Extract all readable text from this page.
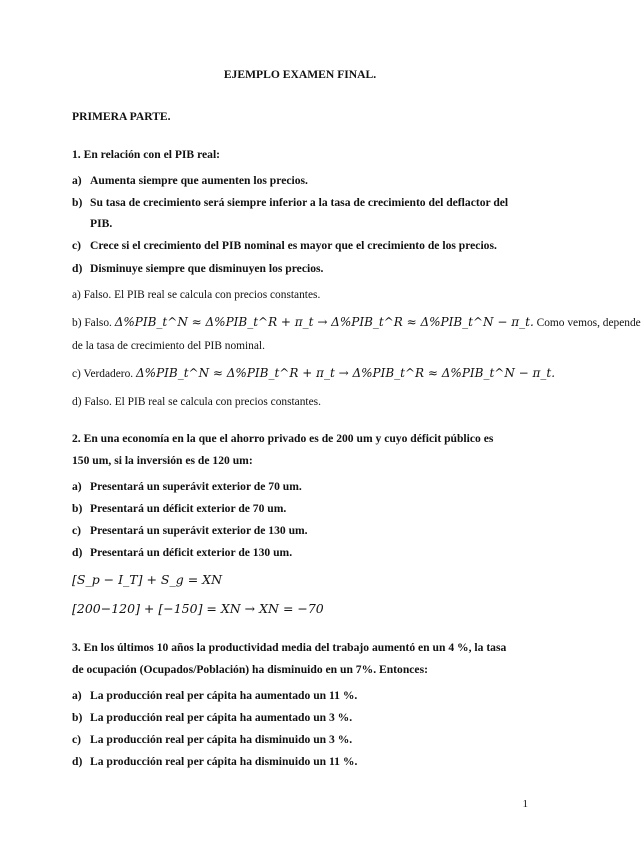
EJEMPLO EXAMEN FINAL.
PRIMERA PARTE.
1. En relación con el PIB real:
a) Aumenta siempre que aumenten los precios.
b) Su tasa de crecimiento será siempre inferior a la tasa de crecimiento del deflactor del
PIB.
c) Crece si el crecimiento del PIB nominal es mayor que el crecimiento de los precios.
d) Disminuye siempre que disminuyen los precios.
a) Falso. El PIB real se calcula con precios constantes.
b) Falso. Δ%PIB_t^N ≈ Δ%PIB_t^R + π_t → Δ%PIB_t^R ≈ Δ%PIB_t^N − π_t. Como vemos, depende
de la tasa de crecimiento del PIB nominal.
c) Verdadero. Δ%PIB_t^N ≈ Δ%PIB_t^R + π_t → Δ%PIB_t^R ≈ Δ%PIB_t^N − π_t.
d) Falso. El PIB real se calcula con precios constantes.
2. En una economía en la que el ahorro privado es de 200 um y cuyo déficit público es
150 um, si la inversión es de 120 um:
a) Presentará un superávit exterior de 70 um.
b) Presentará un déficit exterior de 70 um.
c) Presentará un superávit exterior de 130 um.
d) Presentará un déficit exterior de 130 um.
[S_p − I_T] + S_g = XN
[200−120] + [−150] = XN → XN = −70
3. En los últimos 10 años la productividad media del trabajo aumentó en un 4 %, la tasa
de ocupación (Ocupados/Población) ha disminuido en un 7%. Entonces:
a) La producción real per cápita ha aumentado un 11 %.
b) La producción real per cápita ha aumentado un 3 %.
c) La producción real per cápita ha disminuido un 3 %.
d) La producción real per cápita ha disminuido un 11 %.
1
